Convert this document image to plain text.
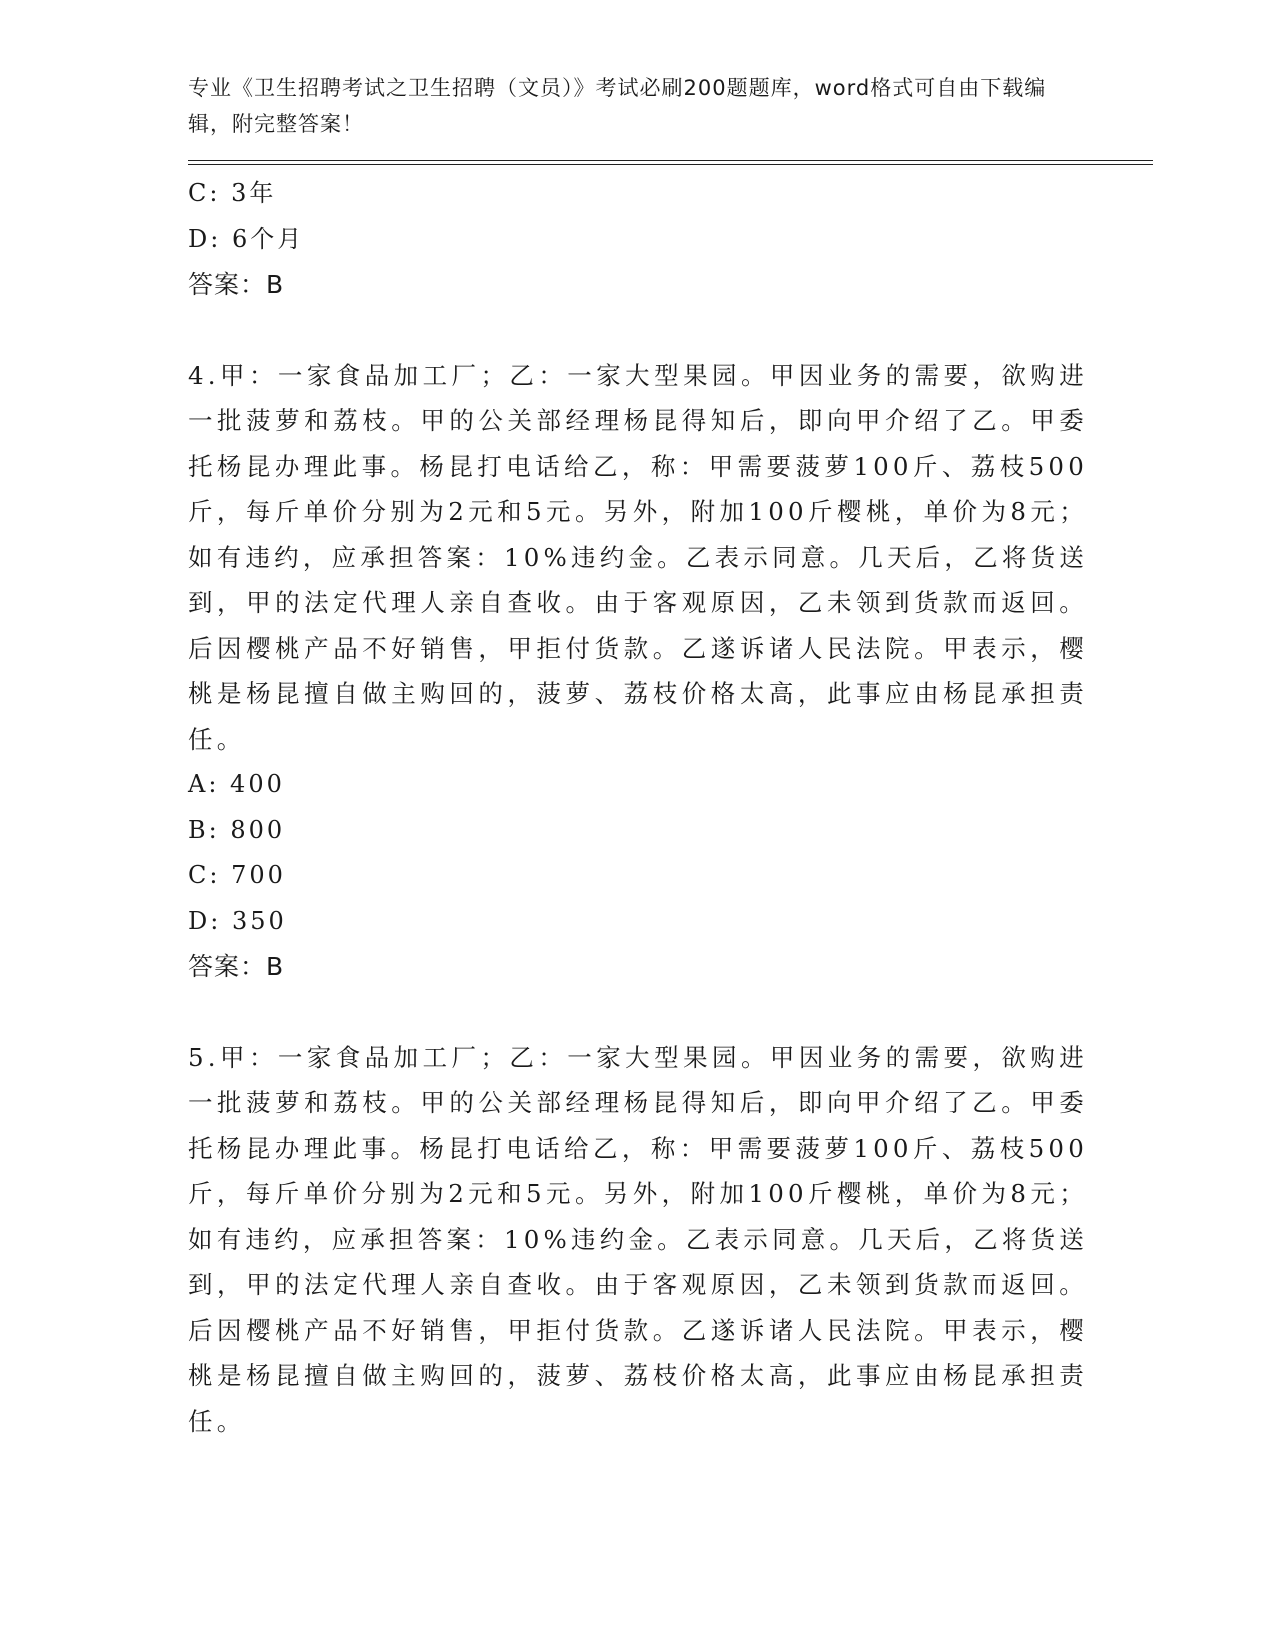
专业《卫生招聘考试之卫生招聘（文员）》考试必刷200题题库，word格式可自由下载编辑，附完整答案！

C: 3年

D: 6个月

答案：B

4.甲：一家食品加工厂；乙：一家大型果园。甲因业务的需要，欲购进一批菠萝和荔枝。甲的公关部经理杨昆得知后，即向甲介绍了乙。甲委托杨昆办理此事。杨昆打电话给乙，称：甲需要菠萝100斤、荔枝500斤，每斤单价分别为2元和5元。另外，附加100斤樱桃，单价为8元；如有违约，应承担答案：10%违约金。乙表示同意。几天后，乙将货送到，甲的法定代理人亲自查收。由于客观原因，乙未领到货款而返回。后因樱桃产品不好销售，甲拒付货款。乙遂诉诸人民法院。甲表示，樱桃是杨昆擅自做主购回的，菠萝、荔枝价格太高，此事应由杨昆承担责任。

A: 400

B: 800

C: 700

D: 350

答案：B

5.甲：一家食品加工厂；乙：一家大型果园。甲因业务的需要，欲购进一批菠萝和荔枝。甲的公关部经理杨昆得知后，即向甲介绍了乙。甲委托杨昆办理此事。杨昆打电话给乙，称：甲需要菠萝100斤、荔枝500斤，每斤单价分别为2元和5元。另外，附加100斤樱桃，单价为8元；如有违约，应承担答案：10%违约金。乙表示同意。几天后，乙将货送到，甲的法定代理人亲自查收。由于客观原因，乙未领到货款而返回。后因樱桃产品不好销售，甲拒付货款。乙遂诉诸人民法院。甲表示，樱桃是杨昆擅自做主购回的，菠萝、荔枝价格太高，此事应由杨昆承担责任。
